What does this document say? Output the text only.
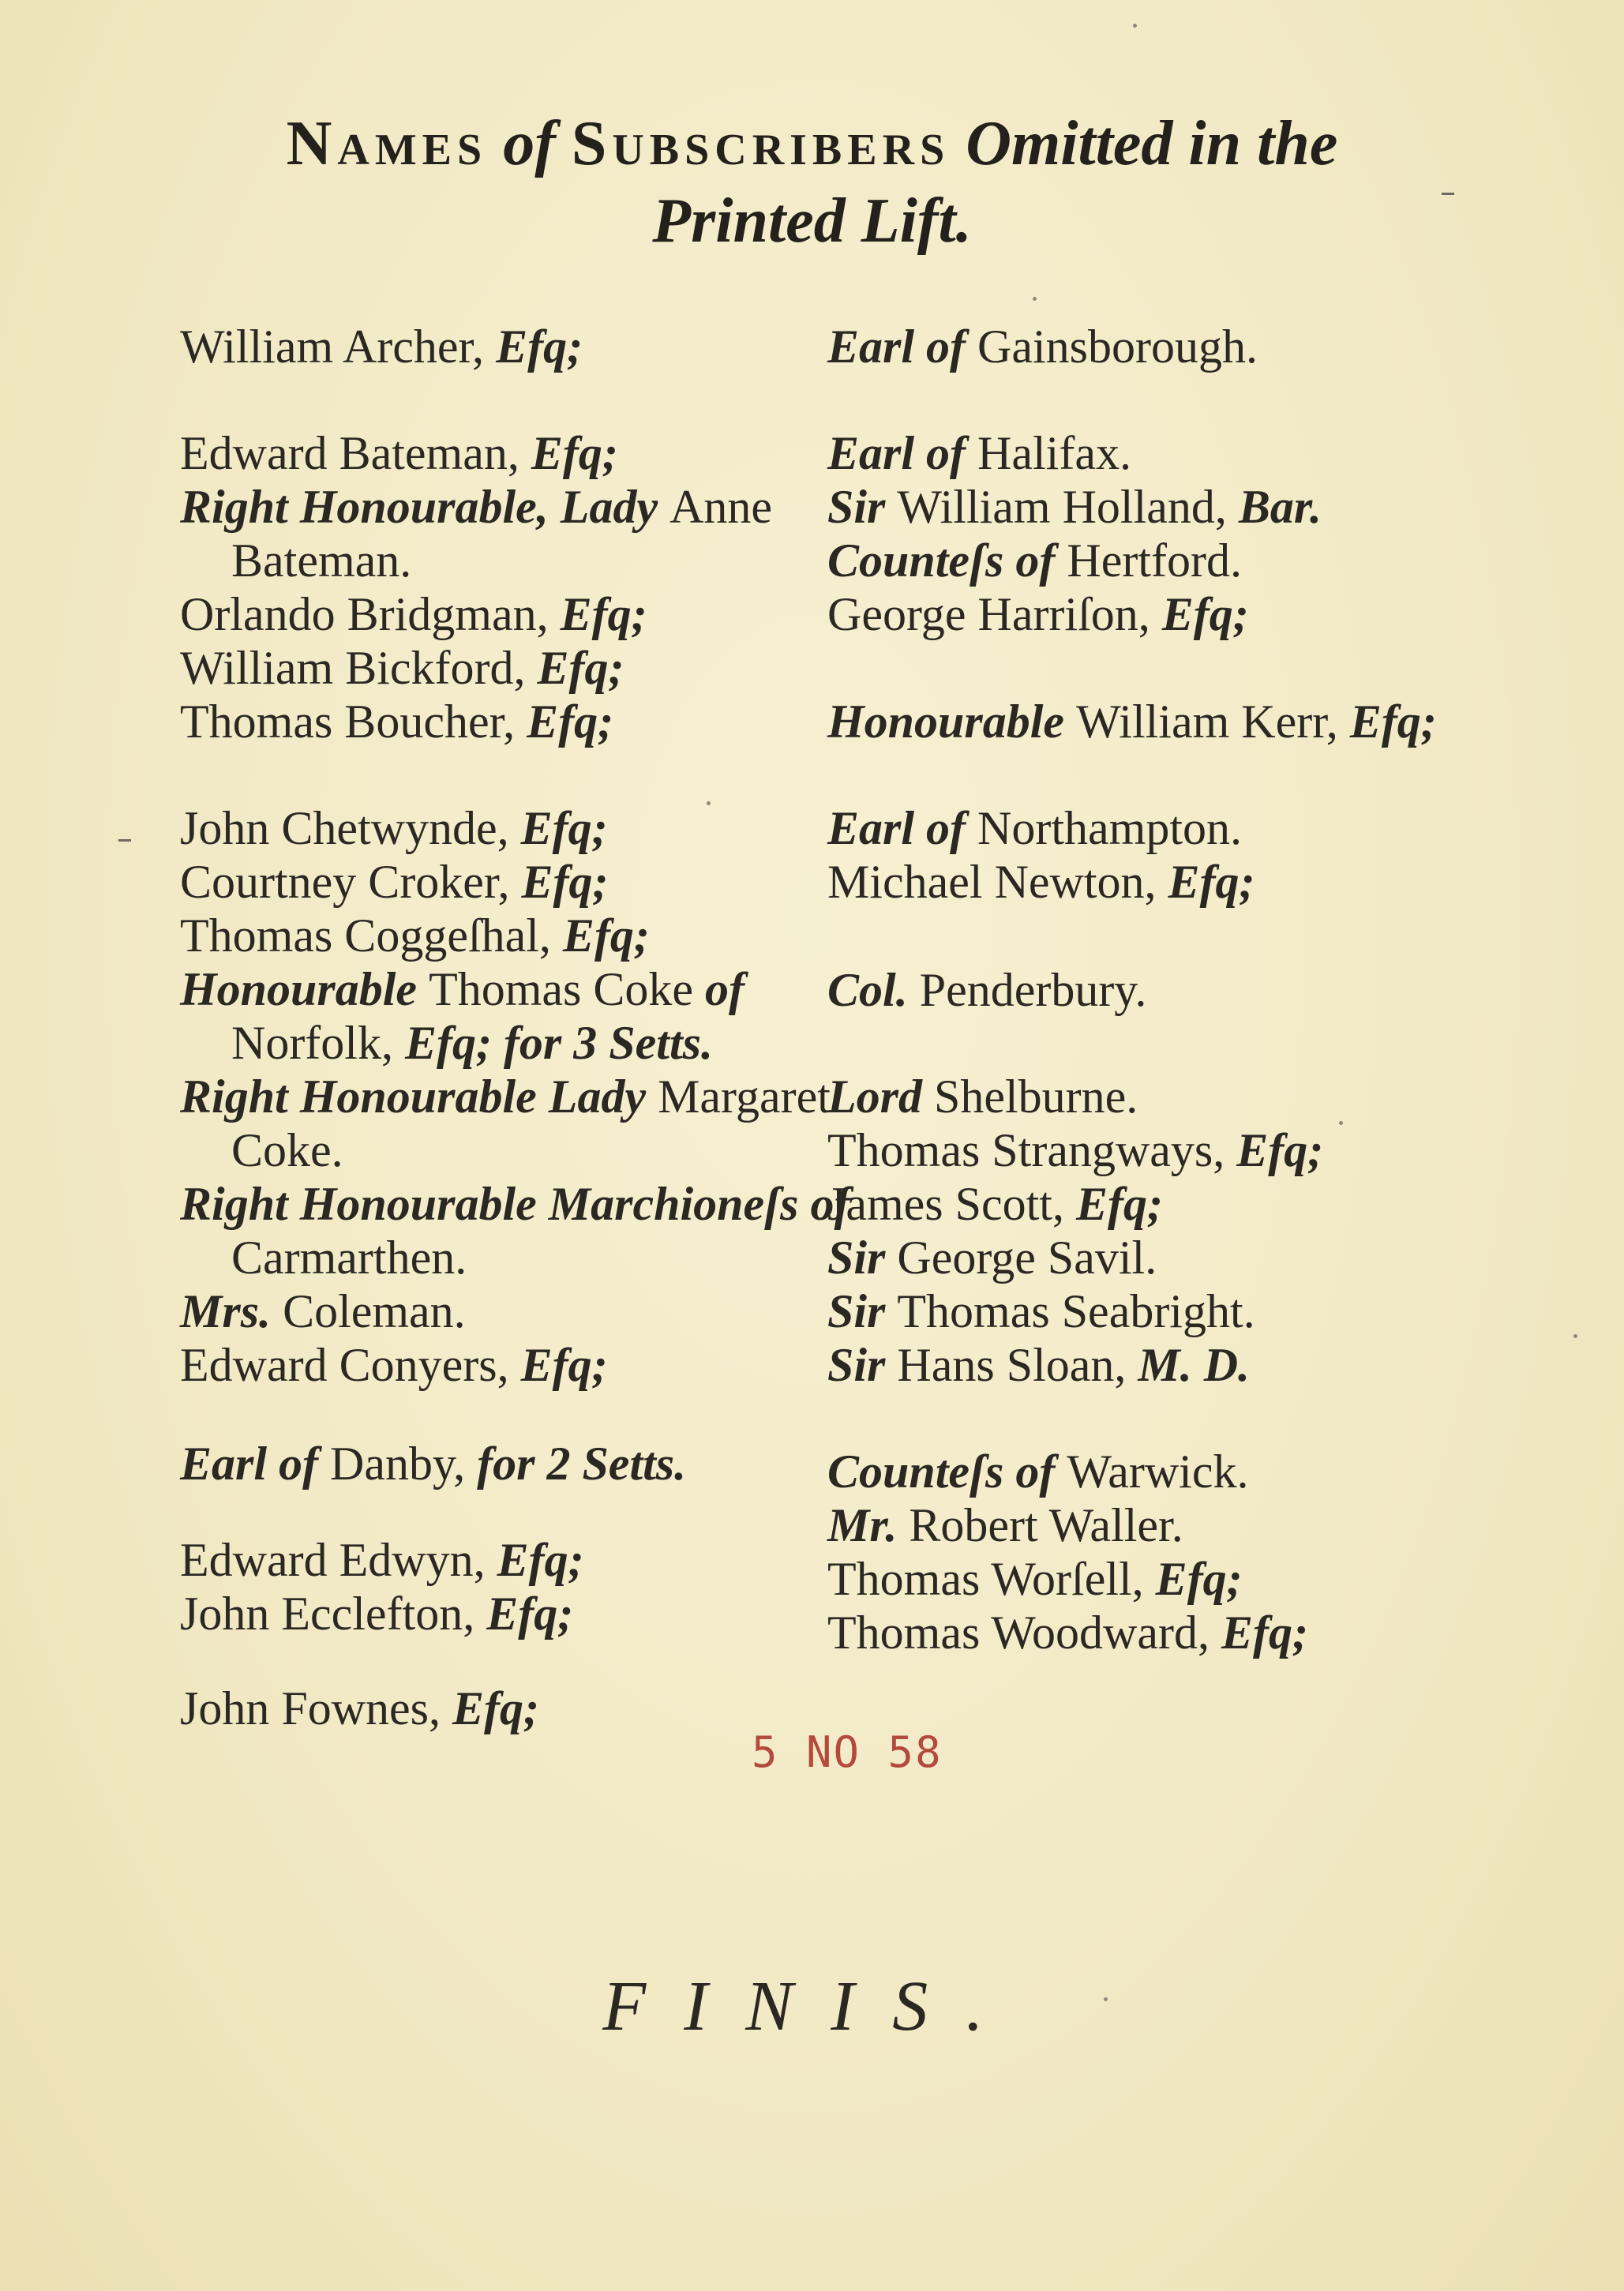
Names of Subscribers Omitted in the
Printed Lift.

William Archer, Efq;

Edward Bateman, Efq;

Right Honourable, Lady Anne

Bateman.

Orlando Bridgman, Efq;

William Bickford, Efq;

Thomas Boucher, Efq;

John Chetwynde, Efq;

Courtney Croker, Efq;

Thomas Coggeſhal, Efq;

Honourable Thomas Coke of

Norfolk, Efq; for 3 Setts.

Right Honourable Lady Margaret

Coke.

Right Honourable Marchioneſs of

Carmarthen.

Mrs. Coleman.

Edward Conyers, Efq;

Earl of Danby, for 2 Setts.

Edward Edwyn, Efq;

John Ecclefton, Efq;

John Fownes, Efq;

Earl of Gainsborough.

Earl of Halifax.

Sir William Holland, Bar.

Counteſs of Hertford.

George Harriſon, Efq;

Honourable William Kerr, Efq;

Earl of Northampton.

Michael Newton, Efq;

Col. Penderbury.

Lord Shelburne.

Thomas Strangways, Efq;

James Scott, Efq;

Sir George Savil.

Sir Thomas Seabright.

Sir Hans Sloan, M. D.

Counteſs of Warwick.

Mr. Robert Waller.

Thomas Worſell, Efq;

Thomas Woodward, Efq;

5 NO 58

FINIS.
